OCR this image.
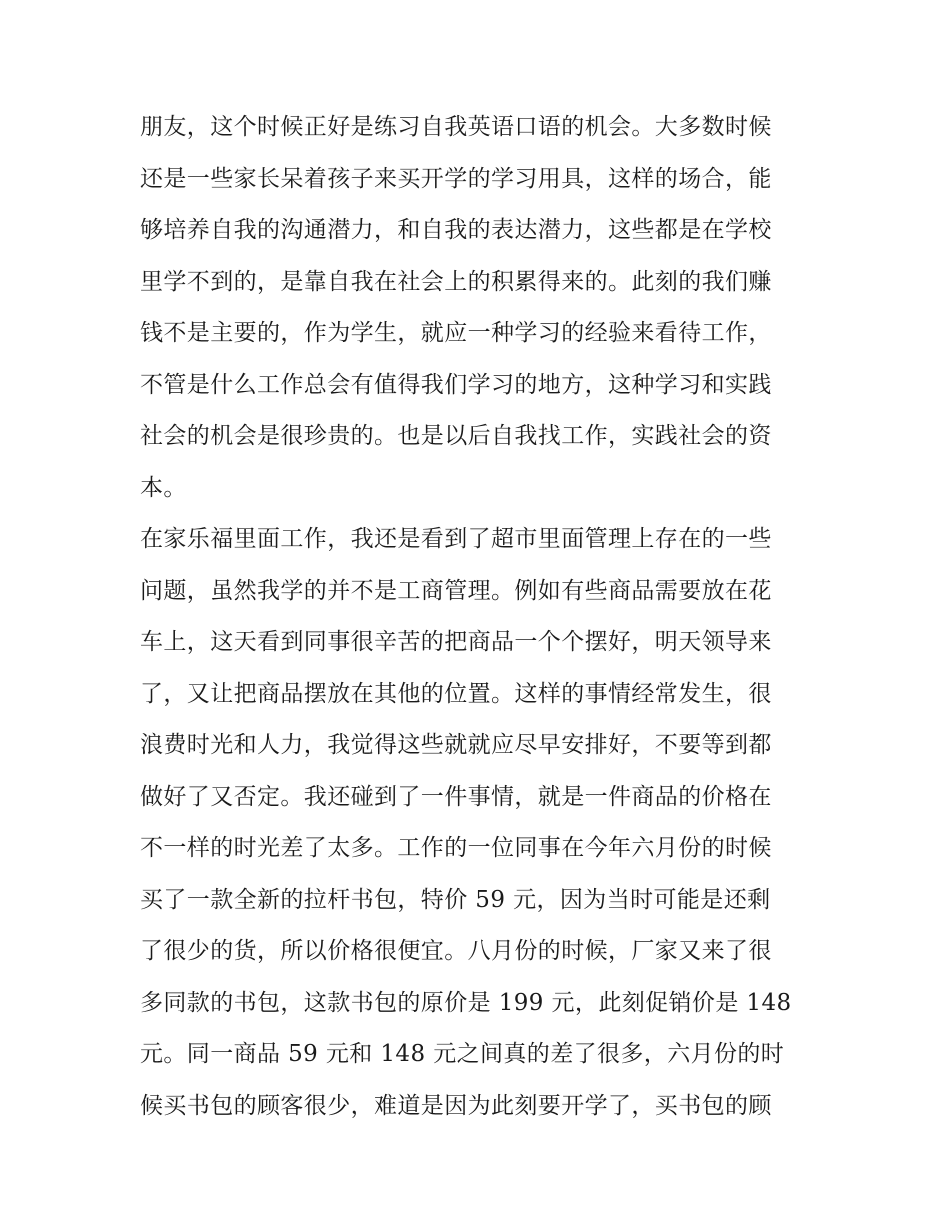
朋友，这个时候正好是练习自我英语口语的机会。大多数时候
还是一些家长呆着孩子来买开学的学习用具，这样的场合，能
够培养自我的沟通潜力，和自我的表达潜力，这些都是在学校
里学不到的，是靠自我在社会上的积累得来的。此刻的我们赚
钱不是主要的，作为学生，就应一种学习的经验来看待工作，
不管是什么工作总会有值得我们学习的地方，这种学习和实践
社会的机会是很珍贵的。也是以后自我找工作，实践社会的资
本。
在家乐福里面工作，我还是看到了超市里面管理上存在的一些
问题，虽然我学的并不是工商管理。例如有些商品需要放在花
车上，这天看到同事很辛苦的把商品一个个摆好，明天领导来
了，又让把商品摆放在其他的位置。这样的事情经常发生，很
浪费时光和人力，我觉得这些就就应尽早安排好，不要等到都
做好了又否定。我还碰到了一件事情，就是一件商品的价格在
不一样的时光差了太多。工作的一位同事在今年六月份的时候
买了一款全新的拉杆书包，特价 59 元，因为当时可能是还剩
了很少的货，所以价格很便宜。八月份的时候，厂家又来了很
多同款的书包，这款书包的原价是 199 元，此刻促销价是 148
元。同一商品 59 元和 148 元之间真的差了很多，六月份的时
候买书包的顾客很少，难道是因为此刻要开学了，买书包的顾
